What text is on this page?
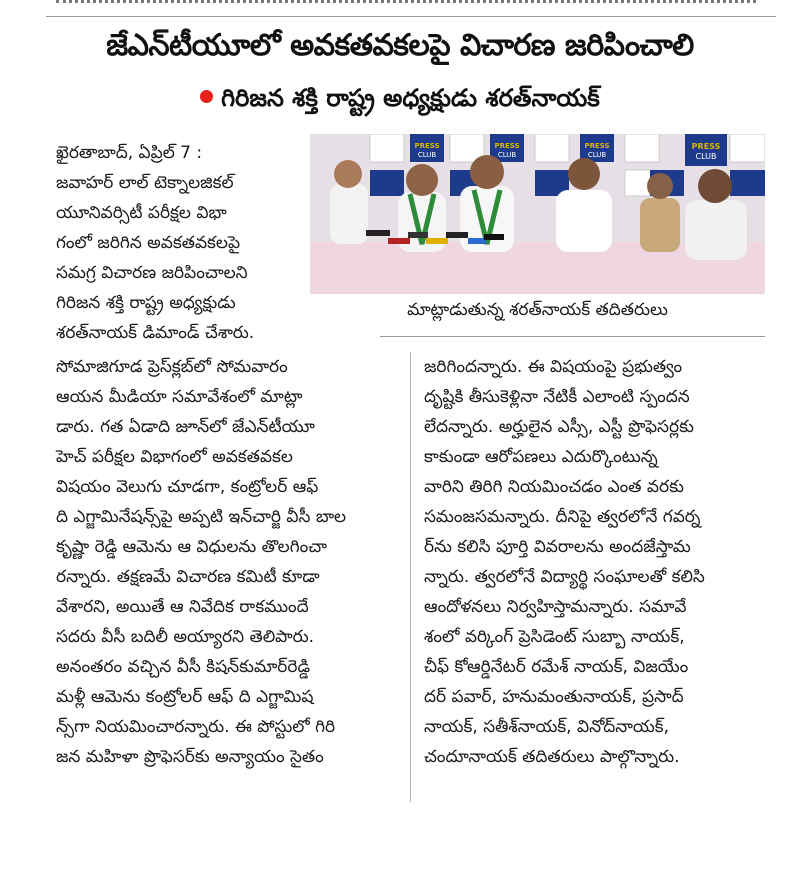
జేఎన్‌టీయూలో అవకతవకలపై విచారణ జరిపించాలి
గిరిజన శక్తి రాష్ట్ర అధ్యక్షుడు శరత్‌నాయక్
ఖైరతాబాద్, ఏప్రిల్ 7 :
జవాహర్ లాల్ టెక్నాలజికల్
యూనివర్సిటీ పరీక్షల విభా
గంలో జరిగిన అవకతవకలపై
సమగ్ర విచారణ జరిపించాలని
గిరిజన శక్తి రాష్ట్ర అధ్యక్షుడు
శరత్‌నాయక్ డిమాండ్ చేశారు.
PRESS
CLUB
PRESS
CLUB
PRESS
CLUB
PRESS
CLUB
మాట్లాడుతున్న శరత్‌నాయక్ తదితరులు
సోమాజిగూడ ప్రెస్‌క్లబ్‌లో సోమవారం
ఆయన మీడియా సమావేశంలో మాట్లా
డారు. గత ఏడాది జూన్‌లో జేఎన్‌టీయూ
హెచ్ పరీక్షల విభాగంలో అవకతవకల
విషయం వెలుగు చూడగా, కంట్రోలర్ ఆఫ్
ది ఎగ్జామినేషన్స్‌పై అప్పటి ఇన్‌చార్జి వీసీ బాల
కృష్ణా రెడ్డి ఆమెను ఆ విధులను తొలగించా
రన్నారు. తక్షణమే విచారణ కమిటీ కూడా
వేశారని, అయితే ఆ నివేదిక రాకముందే
సదరు వీసీ బదిలీ అయ్యారని తెలిపారు.
అనంతరం వచ్చిన వీసీ కిషన్‌కుమార్‌రెడ్డి
మళ్లీ ఆమెను కంట్రోలర్ ఆఫ్ ది ఎగ్జామిష
న్స్‌గా నియమించారన్నారు. ఈ పోస్టులో గిరి
జన మహిళా ప్రొఫెసర్‌కు అన్యాయం సైతం
జరిగిందన్నారు. ఈ విషయంపై ప్రభుత్వం
దృష్టికి తీసుకెళ్లినా నేటికీ ఎలాంటి స్పందన
లేదన్నారు. అర్హులైన ఎస్సీ, ఎస్టీ ప్రొఫెసర్లకు
కాకుండా ఆరోపణలు ఎదుర్కొంటున్న
వారిని తిరిగి నియమించడం ఎంత వరకు
సమంజసమన్నారు. దీనిపై త్వరలోనే గవర్న
ర్‌ను కలిసి పూర్తి వివరాలను అందజేస్తామ
న్నారు. త్వరలోనే విద్యార్థి సంఘాలతో కలిసి
ఆందోళనలు నిర్వహిస్తామన్నారు. సమావే
శంలో వర్కింగ్ ప్రెసిడెంట్ సుబ్బా నాయక్,
చీఫ్ కోఆర్డినేటర్ రమేశ్ నాయక్, విజయేం
దర్ పవార్, హనుమంతునాయక్, ప్రసాద్
నాయక్, సతీశ్‌నాయక్, వినోద్‌నాయక్,
చందూనాయక్ తదితరులు పాల్గొన్నారు.
